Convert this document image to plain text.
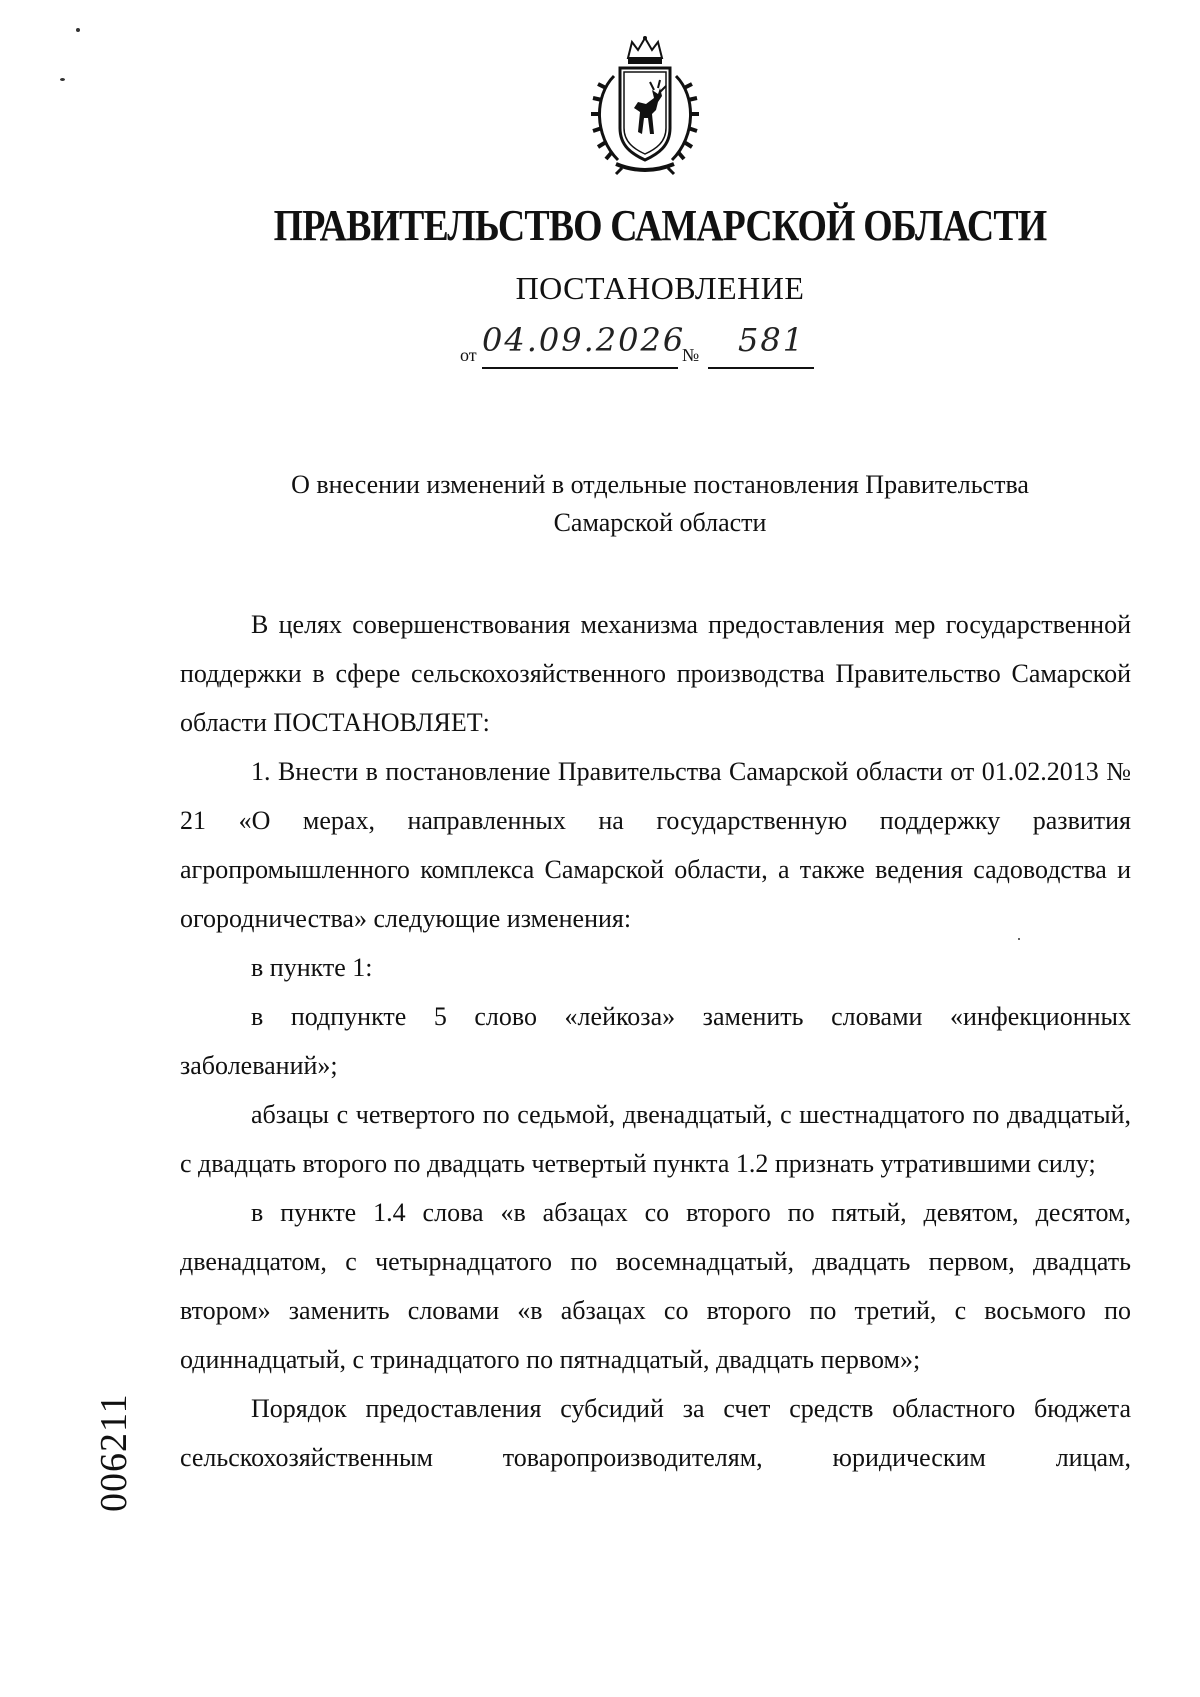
ПРАВИТЕЛЬСТВО САМАРСКОЙ ОБЛАСТИ
ПОСТАНОВЛЕНИЕ
от 04.09.2026
№ 581
О внесении изменений в отдельные постановления Правительства
Самарской области

В целях совершенствования механизма предоставления мер государственной поддержки в сфере сельскохозяйственного производства Правительство Самарской области ПОСТАНОВЛЯЕТ:

1. Внести в постановление Правительства Самарской области от 01.02.2013 № 21 «О мерах, направленных на государственную поддержку развития агропромышленного комплекса Самарской области, а также ведения садоводства и огородничества» следующие изменения:

в пункте 1:

в подпункте 5 слово «лейкоза» заменить словами «инфекционных заболеваний»;

абзацы с четвертого по седьмой, двенадцатый, с шестнадцатого по двадцатый, с двадцать второго по двадцать четвертый пункта 1.2 признать утратившими силу;

в пункте 1.4 слова «в абзацах со второго по пятый, девятом, десятом, двенадцатом, с четырнадцатого по восемнадцатый, двадцать первом, двадцать втором» заменить словами «в абзацах со второго по третий, с восьмого по одиннадцатый, с тринадцатого по пятнадцатый, двадцать первом»;

Порядок предоставления субсидий за счет средств областного бюджета сельскохозяйственным товаропроизводителям, юридическим лицам,

006211
